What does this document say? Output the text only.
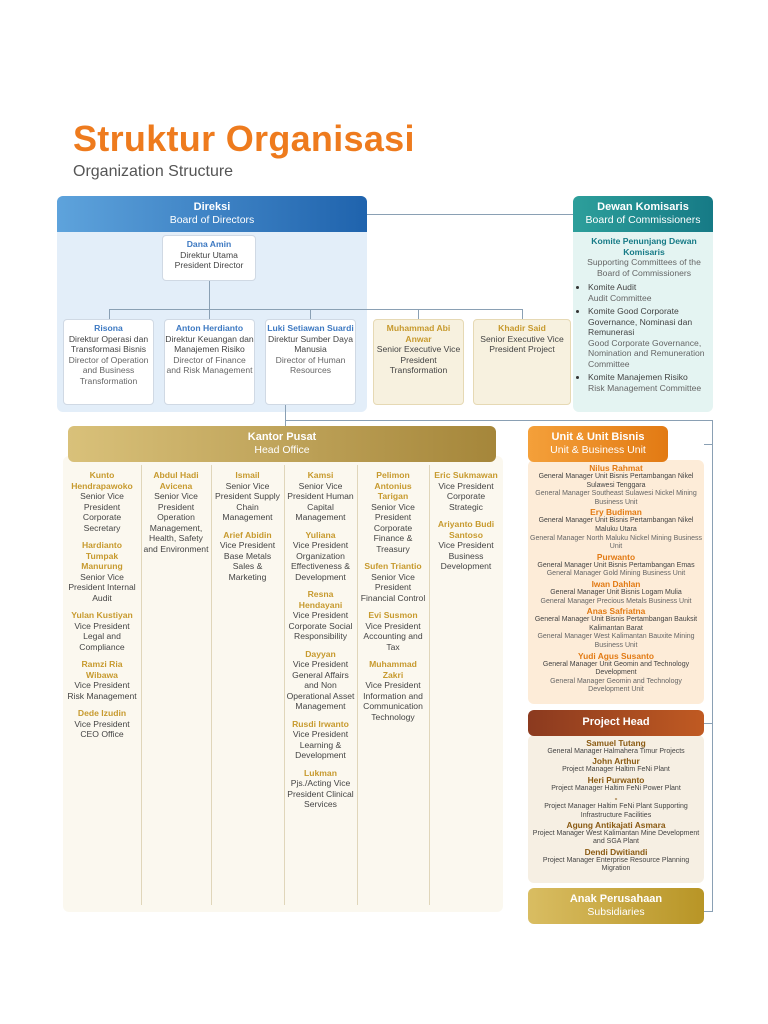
Struktur Organisasi
Organization Structure
Direksi
Board of Directors
Dana Amin
Direktur Utama
President Director
Risona
Direktur Operasi dan Transformasi Bisnis
Director of Operation and Business Transformation
Anton Herdianto
Direktur Keuangan dan Manajemen Risiko
Director of Finance and Risk Management
Luki Setiawan Suardi
Direktur Sumber Daya Manusia
Director of Human Resources
Muhammad Abi Anwar
Senior Executive Vice President Transformation
Khadir Said
Senior Executive Vice President Project
Dewan Komisaris
Board of Commissioners
Komite Penunjang Dewan Komisaris
Supporting Committees of the Board of Commissioners
• Komite Audit
Audit Committee
• Komite Good Corporate Governance, Nominasi dan Remunerasi
Good Corporate Governance, Nomination and Remuneration Committee
• Komite Manajemen Risiko
Risk Management Committee
Kantor Pusat
Head Office
Kunto Hendrapawoko
Senior Vice President Corporate Secretary
Hardianto Tumpak Manurung
Senior Vice President Internal Audit
Yulan Kustiyan
Vice President Legal and Compliance
Ramzi Ria Wibawa
Vice President Risk Management
Dede Izudin
Vice President CEO Office
Abdul Hadi Avicena
Senior Vice President Operation Management, Health, Safety and Environment
Ismail
Senior Vice President Supply Chain Management
Arief Abidin
Vice President Base Metals Sales & Marketing
Kamsi
Senior Vice President Human Capital Management
Yuliana
Vice President Organization Effectiveness & Development
Resna Hendayani
Vice President Corporate Social Responsibility
Dayyan
Vice President General Affairs and Non Operational Asset Management
Rusdi Irwanto
Vice President Learning & Development
Lukman
Pjs./Acting Vice President Clinical Services
Pelimon Antonius Tarigan
Senior Vice President Corporate Finance & Treasury
Sufen Triantio
Senior Vice President Financial Control
Evi Susmon
Vice President Accounting and Tax
Muhammad Zakri
Vice President Information and Communication Technology
Eric Sukmawan
Vice President Corporate Strategic
Ariyanto Budi Santoso
Vice President Business Development
Unit & Unit Bisnis
Unit & Business Unit
Nilus Rahmat
General Manager Unit Bisnis Pertambangan Nikel Sulawesi Tenggara
General Manager Southeast Sulawesi Nickel Mining Business Unit
Ery Budiman
General Manager Unit Bisnis Pertambangan Nikel Maluku Utara
General Manager North Maluku Nickel Mining Business Unit
Purwanto
General Manager Unit Bisnis Pertambangan Emas
General Manager Gold Mining Business Unit
Iwan Dahlan
General Manager Unit Bisnis Logam Mulia
General Manager Precious Metals Business Unit
Anas Safriatna
General Manager Unit Bisnis Pertambangan Bauksit Kalimantan Barat
General Manager West Kalimantan Bauxite Mining Business Unit
Yudi Agus Susanto
General Manager Unit Geomin and Technology Development
General Manager Geomin and Technology Development Unit
Project Head
Samuel Tutang
General Manager Halmahera Timur Projects
John Arthur
Project Manager Haltim FeNi Plant
Heri Purwanto
Project Manager Haltim FeNi Power Plant
-
Project Manager Haltim FeNi Plant Supporting Infrastructure Facilities
Agung Antikajati Asmara
Project Manager West Kalimantan Mine Development and SGA Plant
Dendi Dwitiandi
Project Manager Enterprise Resource Planning Migration
Anak Perusahaan
Subsidiaries
